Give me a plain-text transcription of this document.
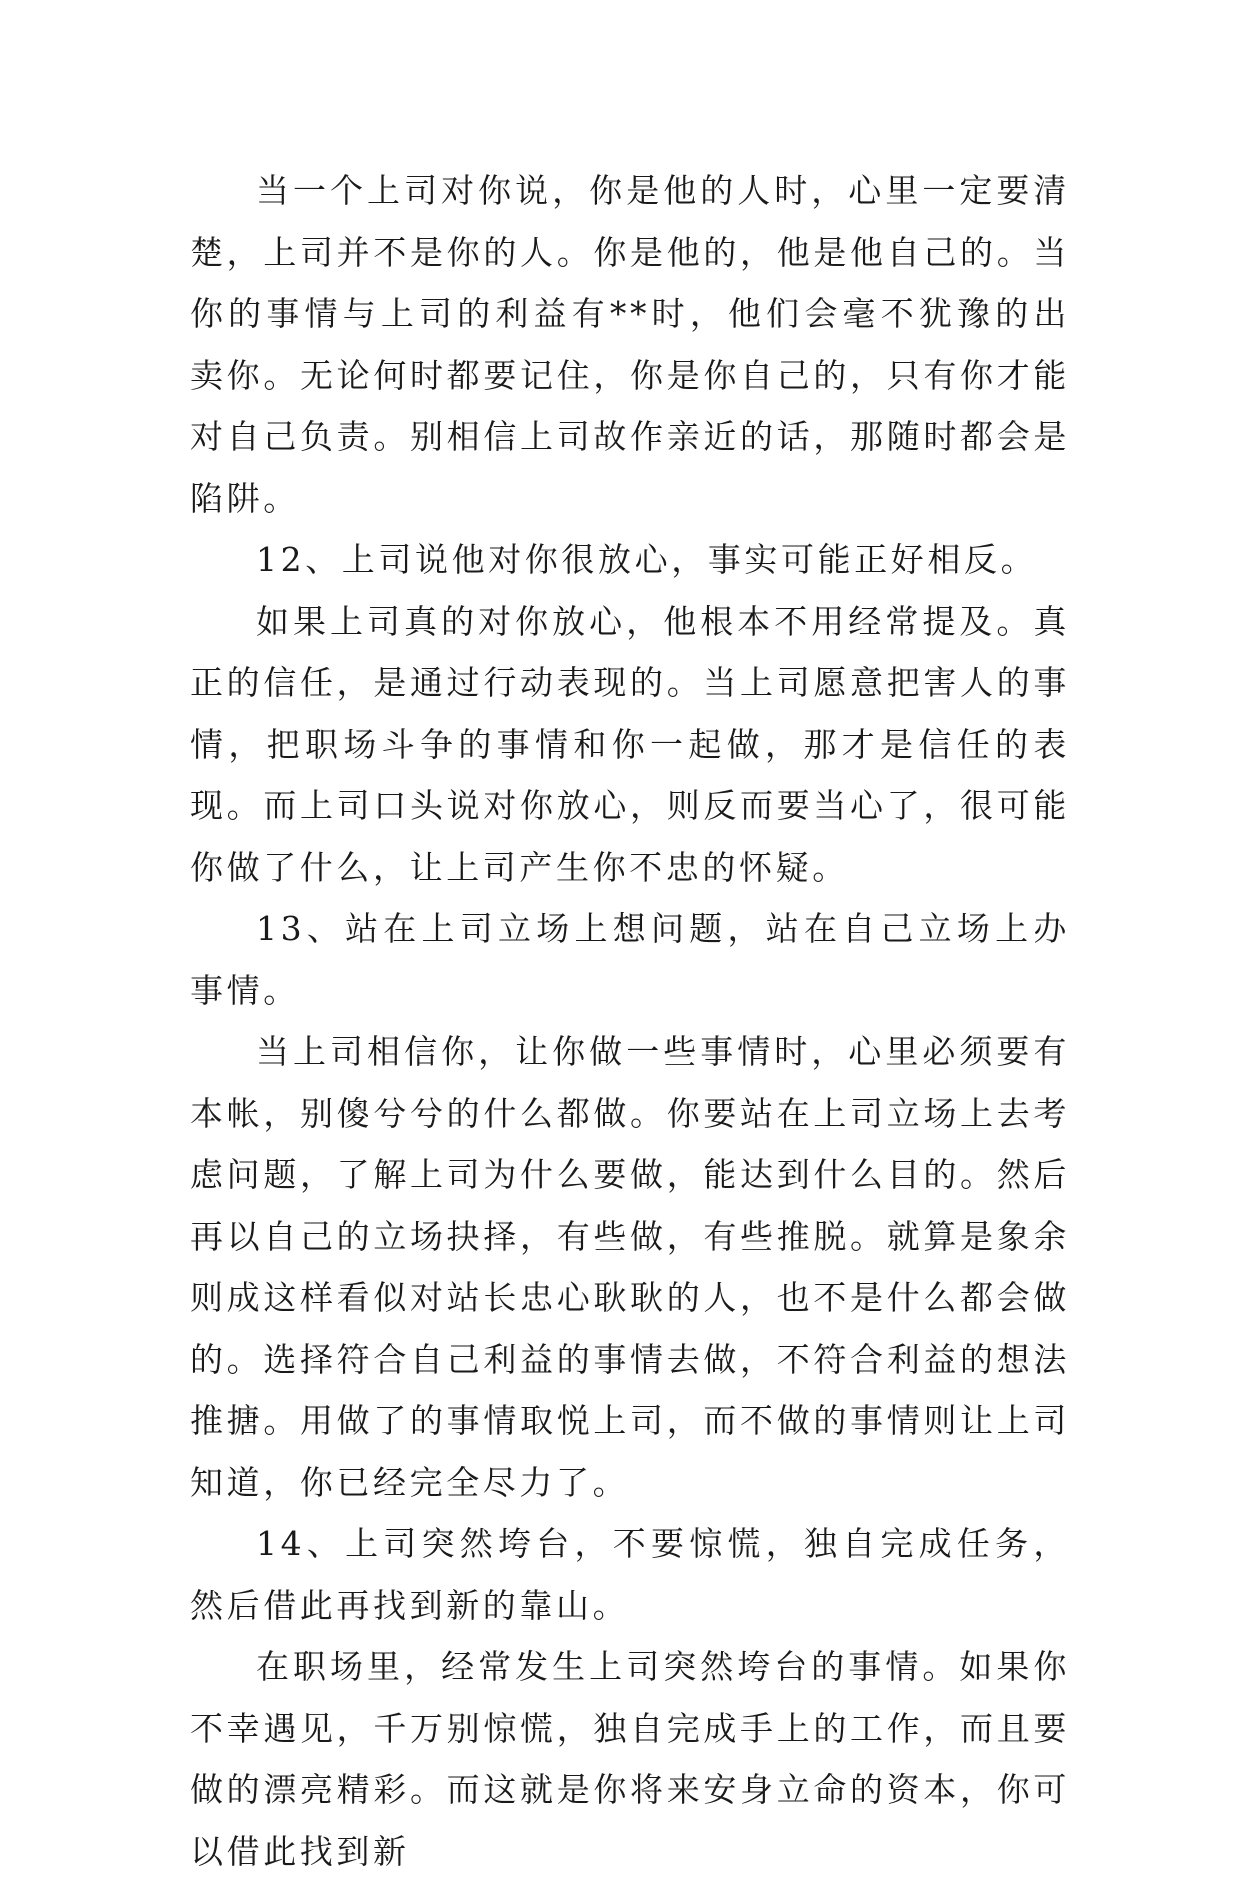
当一个上司对你说，你是他的人时，心里一定要清楚，上司并不是你的人。你是他的，他是他自己的。当你的事情与上司的利益有**时，他们会毫不犹豫的出卖你。无论何时都要记住，你是你自己的，只有你才能对自己负责。别相信上司故作亲近的话，那随时都会是陷阱。

12、上司说他对你很放心，事实可能正好相反。

如果上司真的对你放心，他根本不用经常提及。真正的信任，是通过行动表现的。当上司愿意把害人的事情，把职场斗争的事情和你一起做，那才是信任的表现。而上司口头说对你放心，则反而要当心了，很可能你做了什么，让上司产生你不忠的怀疑。

13、站在上司立场上想问题，站在自己立场上办事情。

当上司相信你，让你做一些事情时，心里必须要有本帐，别傻兮兮的什么都做。你要站在上司立场上去考虑问题，了解上司为什么要做，能达到什么目的。然后再以自己的立场抉择，有些做，有些推脱。就算是象余则成这样看似对站长忠心耿耿的人，也不是什么都会做的。选择符合自己利益的事情去做，不符合利益的想法推搪。用做了的事情取悦上司，而不做的事情则让上司知道，你已经完全尽力了。

14、上司突然垮台，不要惊慌，独自完成任务，然后借此再找到新的靠山。

在职场里，经常发生上司突然垮台的事情。如果你不幸遇见，千万别惊慌，独自完成手上的工作，而且要做的漂亮精彩。而这就是你将来安身立命的资本，你可以借此找到新
